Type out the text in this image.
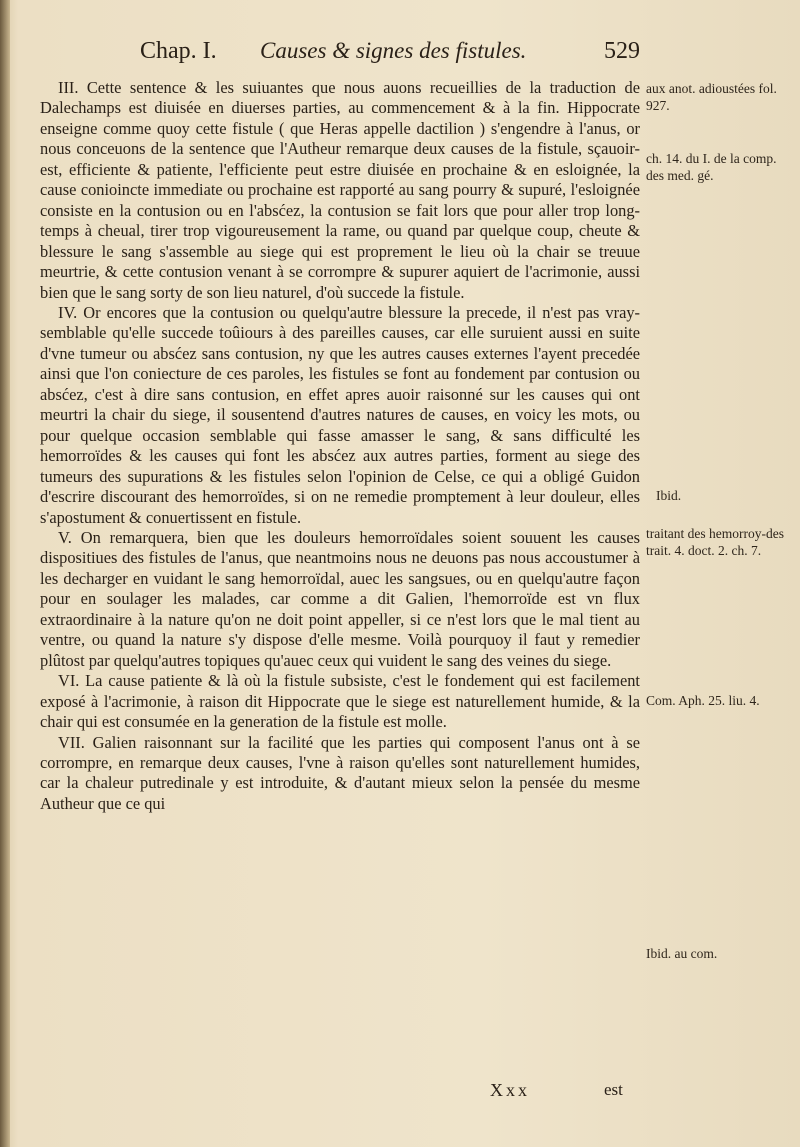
Chap. I. Causes & signes des fistules.	529

III. Cette sentence & les suiuantes que nous auons recueillies de la traduction de Dalechamps est diuisée en diuerses parties, au commencement & à la fin. Hippocrate enseigne comme quoy cette fistule ( que Heras appelle dactilion ) s'engendre à l'anus, or nous conceuons de la sentence que l'Autheur remarque deux causes de la fistule, sçauoir-est, efficiente & patiente, l'efficiente peut estre diuisée en prochaine & en esloignée, la cause conioincte immediate ou prochaine est rapporté au sang pourry & supuré, l'esloignée consiste en la contusion ou en l'absćez, la contusion se fait lors que pour aller trop long-temps à cheual, tirer trop vigoureusement la rame, ou quand par quelque coup, cheute & blessure le sang s'assemble au siege qui est proprement le lieu où la chair se treuue meurtrie, & cette contusion venant à se corrompre & supurer aquiert de l'acrimonie, aussi bien que le sang sorty de son lieu naturel, d'où succede la fistule.

IV. Or encores que la contusion ou quelqu'autre blessure la precede, il n'est pas vray-semblable qu'elle succede toûiours à des pareilles causes, car elle suruient aussi en suite d'vne tumeur ou absćez sans contusion, ny que les autres causes externes l'ayent precedée ainsi que l'on coniecture de ces paroles, les fistules se font au fondement par contusion ou absćez, c'est à dire sans contusion, en effet apres auoir raisonné sur les causes qui ont meurtri la chair du siege, il sousentend d'autres natures de causes, en voicy les mots, ou pour quelque occasion semblable qui fasse amasser le sang, & sans difficulté les hemorroïdes & les causes qui font les absćez aux autres parties, forment au siege des tumeurs des supurations & les fistules selon l'opinion de Celse, ce qui a obligé Guidon d'escrire discourant des hemorroïdes, si on ne remedie promptement à leur douleur, elles s'apostument & conuertissent en fistule.

V. On remarquera, bien que les douleurs hemorroïdales soient souuent les causes dispositiues des fistules de l'anus, que neantmoins nous ne deuons pas nous accoustumer à les decharger en vuidant le sang hemorroïdal, auec les sangsues, ou en quelqu'autre façon pour en soulager les malades, car comme a dit Galien, l'hemorroïde est vn flux extraordinaire à la nature qu'on ne doit point appeller, si ce n'est lors que le mal tient au ventre, ou quand la nature s'y dispose d'elle mesme. Voilà pourquoy il faut y remedier plûtost par quelqu'autres topiques qu'auec ceux qui vuident le sang des veines du siege.

VI. La cause patiente & là où la fistule subsiste, c'est le fondement qui est facilement exposé à l'acrimonie, à raison dit Hippocrate que le siege est naturellement humide, & la chair qui est consumée en la generation de la fistule est molle.

VII. Galien raisonnant sur la facilité que les parties qui composent l'anus ont à se corrompre, en remarque deux causes, l'vne à raison qu'elles sont naturellement humides, car la chaleur putredinale y est introduite, & d'autant mieux selon la pensée du mesme Autheur que ce qui

aux anot. adioustées fol. 927.
ch. 14. du I. de la comp. des med. gé.
Ibid.
traitant des hemorroy-des trait. 4. doct. 2. ch. 7.
Com. Aph. 25. liu. 4.
Ibid. au com.
Xxx	est
